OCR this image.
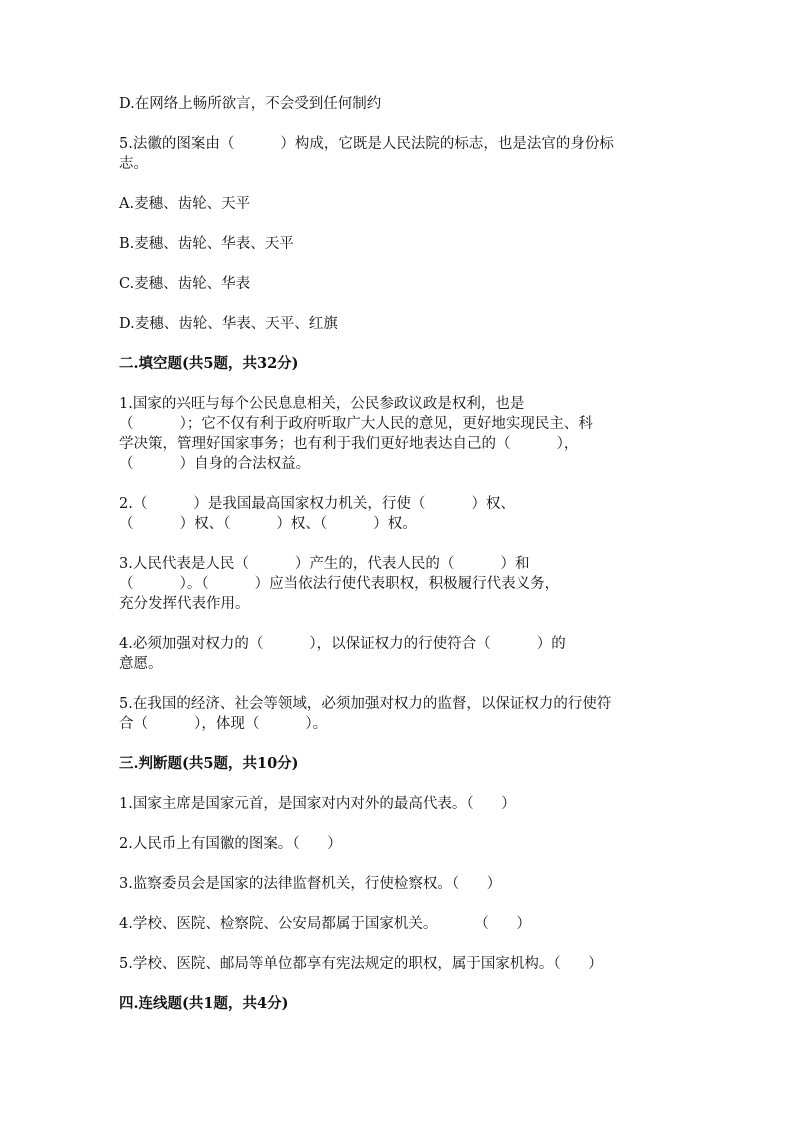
D.在网络上畅所欲言，不会受到任何制约

5.法徽的图案由（          ）构成，它既是人民法院的标志，也是法官的身份标

志。

A.麦穗、齿轮、天平

B.麦穗、齿轮、华表、天平

C.麦穗、齿轮、华表

D.麦穗、齿轮、华表、天平、红旗

二.填空题(共5题，共32分)

1.国家的兴旺与每个公民息息相关，公民参政议政是权利，也是

（          ）；它不仅有利于政府听取广大人民的意见，更好地实现民主、科

学决策，管理好国家事务；也有利于我们更好地表达自己的（          ），

（          ）自身的合法权益。

2.（          ）是我国最高国家权力机关，行使（          ）权、

（          ）权、（          ）权、（          ）权。

3.人民代表是人民（          ）产生的，代表人民的（          ）和

（          ）。（          ）应当依法行使代表职权，积极履行代表义务，

充分发挥代表作用。

4.必须加强对权力的（          ），以保证权力的行使符合（          ）的

意愿。

5.在我国的经济、社会等领域，必须加强对权力的监督，以保证权力的行使符

合（          ），体现（          ）。

三.判断题(共5题，共10分)

1.国家主席是国家元首，是国家对内对外的最高代表。（      ）

2.人民币上有国徽的图案。（      ）

3.监察委员会是国家的法律监督机关，行使检察权。（      ）

4.学校、医院、检察院、公安局都属于国家机关。        （      ）

5.学校、医院、邮局等单位都享有宪法规定的职权，属于国家机构。（      ）

四.连线题(共1题，共4分)
